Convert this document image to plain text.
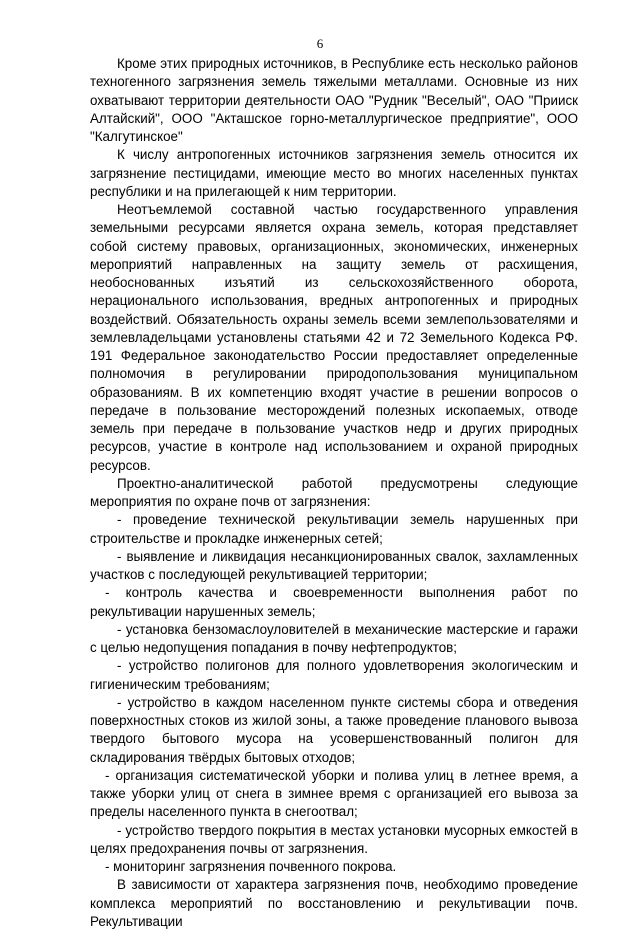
6

Кроме этих природных источников, в Республике есть несколько районов техногенного загрязнения земель тяжелыми металлами. Основные из них охватывают территории деятельности ОАО "Рудник "Веселый", ОАО "Прииск Алтайский", ООО "Акташское горно-металлургическое предприятие", ООО "Калгутинское"

К числу антропогенных источников загрязнения земель относится их загрязнение пестицидами, имеющие место во многих населенных пунктах республики и на прилегающей к ним территории.

Неотъемлемой составной частью государственного управления земельными ресурсами является охрана земель, которая представляет собой систему правовых, организационных, экономических, инженерных мероприятий направленных на защиту земель от расхищения, необоснованных изъятий из сельскохозяйственного оборота, нерационального использования, вредных антропогенных и природных воздействий. Обязательность охраны земель всеми землепользователями и землевладельцами установлены статьями 42 и 72 Земельного Кодекса РФ. 191 Федеральное законодательство России предоставляет определенные полномочия в регулировании природопользования муниципальном образованиям. В их компетенцию входят участие в решении вопросов о передаче в пользование месторождений полезных ископаемых, отводе земель при передаче в пользование участков недр и других природных ресурсов, участие в контроле над использованием и охраной природных ресурсов.

Проектно-аналитической работой предусмотрены следующие мероприятия по охране почв от загрязнения:

- проведение технической рекультивации земель нарушенных при строительстве и прокладке инженерных сетей;

- выявление и ликвидация несанкционированных свалок, захламленных участков с последующей рекультивацией территории;

- контроль качества и своевременности выполнения работ по рекультивации нарушенных земель;

- установка бензомаслоуловителей в механические мастерские и гаражи с целью недопущения попадания в почву нефтепродуктов;

- устройство полигонов для полного удовлетворения экологическим и гигиеническим требованиям;

- устройство в каждом населенном пункте системы сбора и отведения поверхностных стоков из жилой зоны, а также проведение планового вывоза твердого бытового мусора на усовершенствованный полигон для складирования твёрдых бытовых отходов;

- организация систематической уборки и полива улиц в летнее время, а также уборки улиц от снега в зимнее время с организацией его вывоза за пределы населенного пункта в снегоотвал;

- устройство твердого покрытия в местах установки мусорных емкостей в целях предохранения почвы от загрязнения.

- мониторинг загрязнения почвенного покрова.

В зависимости от характера загрязнения почв, необходимо проведение комплекса мероприятий по восстановлению и рекультивации почв. Рекультивации
